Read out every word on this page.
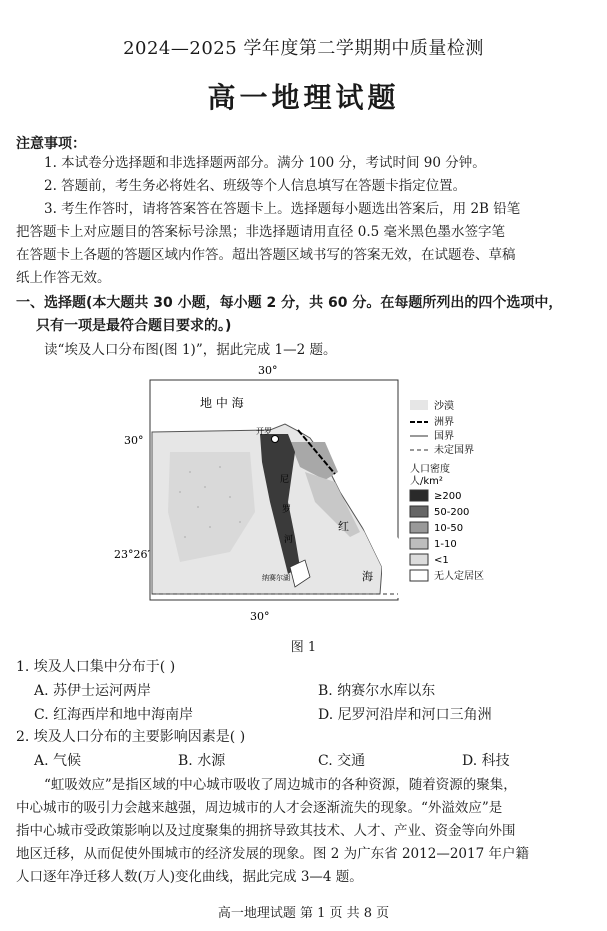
2024—2025 学年度第二学期期中质量检测
高一地理试题
注意事项：
1. 本试卷分选择题和非选择题两部分。满分 100 分，考试时间 90 分钟。
2. 答题前，考生务必将姓名、班级等个人信息填写在答题卡指定位置。
3. 考生作答时，请将答案答在答题卡上。选择题每小题选出答案后，用 2B 铅笔
把答题卡上对应题目的答案标号涂黑；非选择题请用直径 0.5 毫米黑色墨水签字笔
在答题卡上各题的答题区域内作答。超出答题区域书写的答案无效，在试题卷、草稿
纸上作答无效。
一、选择题(本大题共 30 小题，每小题 2 分，共 60 分。在每题所列出的四个选项中，
只有一项是最符合题目要求的。)
读“埃及人口分布图(图 1)”，据此完成 1—2 题。
30°
30°
30°
23°26′
地 中 海
红
海
尼
罗
河
开罗
纳赛尔湖
沙漠
洲界
国界
未定国界
人口密度
人/km²
≥200
50-200
10-50
1-10
<1
无人定居区
图 1
1. 埃及人口集中分布于( )
A. 苏伊士运河两岸	B. 纳赛尔水库以东
C. 红海西岸和地中海南岸	D. 尼罗河沿岸和河口三角洲
2. 埃及人口分布的主要影响因素是( )
A. 气候	B. 水源	C. 交通	D. 科技
“虹吸效应”是指区域的中心城市吸收了周边城市的各种资源，随着资源的聚集，
中心城市的吸引力会越来越强，周边城市的人才会逐渐流失的现象。“外溢效应”是
指中心城市受政策影响以及过度聚集的拥挤导致其技术、人才、产业、资金等向外围
地区迁移，从而促使外围城市的经济发展的现象。图 2 为广东省 2012—2017 年户籍
人口逐年净迁移人数(万人)变化曲线，据此完成 3—4 题。
高一地理试题 第 1 页 共 8 页
